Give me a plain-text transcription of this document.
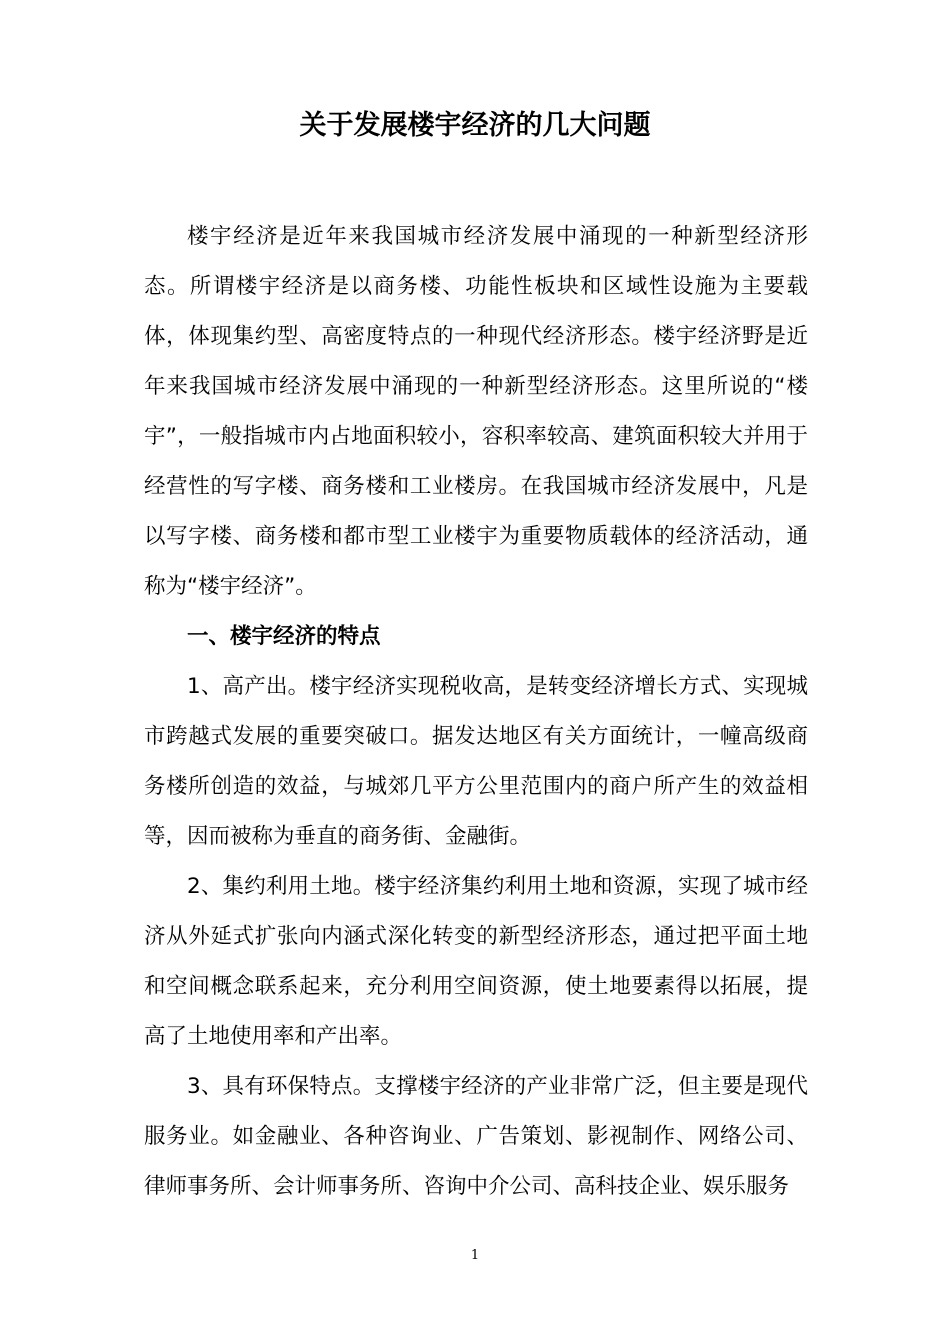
关于发展楼宇经济的几大问题

楼宇经济是近年来我国城市经济发展中涌现的一种新型经济形态。所谓楼宇经济是以商务楼、功能性板块和区域性设施为主要载体，体现集约型、高密度特点的一种现代经济形态。楼宇经济野是近年来我国城市经济发展中涌现的一种新型经济形态。这里所说的“楼宇”，一般指城市内占地面积较小，容积率较高、建筑面积较大并用于经营性的写字楼、商务楼和工业楼房。在我国城市经济发展中，凡是以写字楼、商务楼和都市型工业楼宇为重要物质载体的经济活动，通称为“楼宇经济”。

一、楼宇经济的特点

1、高产出。楼宇经济实现税收高，是转变经济增长方式、实现城市跨越式发展的重要突破口。据发达地区有关方面统计，一幢高级商务楼所创造的效益，与城郊几平方公里范围内的商户所产生的效益相等，因而被称为垂直的商务街、金融街。

2、集约利用土地。楼宇经济集约利用土地和资源，实现了城市经济从外延式扩张向内涵式深化转变的新型经济形态，通过把平面土地和空间概念联系起来，充分利用空间资源，使土地要素得以拓展，提高了土地使用率和产出率。

3、具有环保特点。支撑楼宇经济的产业非常广泛，但主要是现代服务业。如金融业、各种咨询业、广告策划、影视制作、网络公司、律师事务所、会计师事务所、咨询中介公司、高科技企业、娱乐服务

1
